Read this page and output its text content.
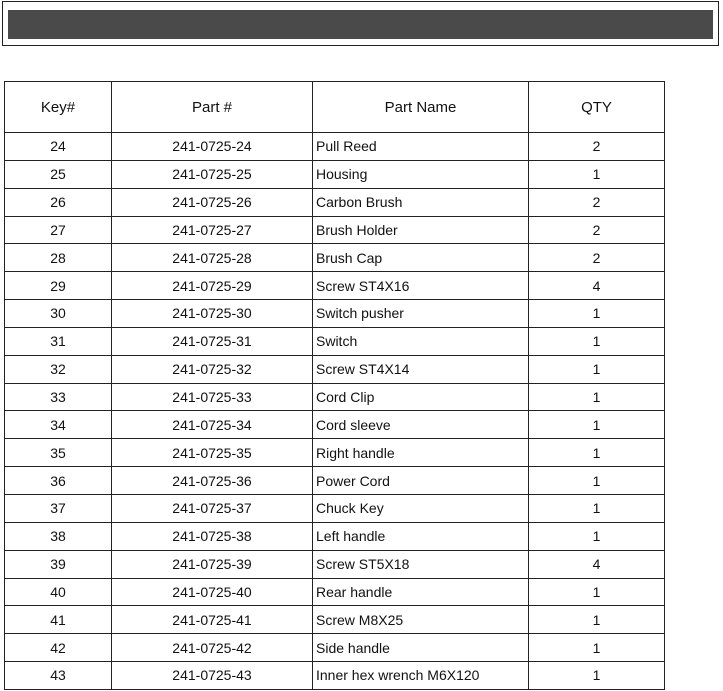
Key#	Part #	Part Name	QTY
24	241-0725-24	Pull Reed	2
25	241-0725-25	Housing	1
26	241-0725-26	Carbon Brush	2
27	241-0725-27	Brush Holder	2
28	241-0725-28	Brush Cap	2
29	241-0725-29	Screw ST4X16	4
30	241-0725-30	Switch pusher	1
31	241-0725-31	Switch	1
32	241-0725-32	Screw ST4X14	1
33	241-0725-33	Cord Clip	1
34	241-0725-34	Cord sleeve	1
35	241-0725-35	Right handle	1
36	241-0725-36	Power Cord	1
37	241-0725-37	Chuck Key	1
38	241-0725-38	Left handle	1
39	241-0725-39	Screw ST5X18	4
40	241-0725-40	Rear handle	1
41	241-0725-41	Screw M8X25	1
42	241-0725-42	Side handle	1
43	241-0725-43	Inner hex wrench M6X120	1
